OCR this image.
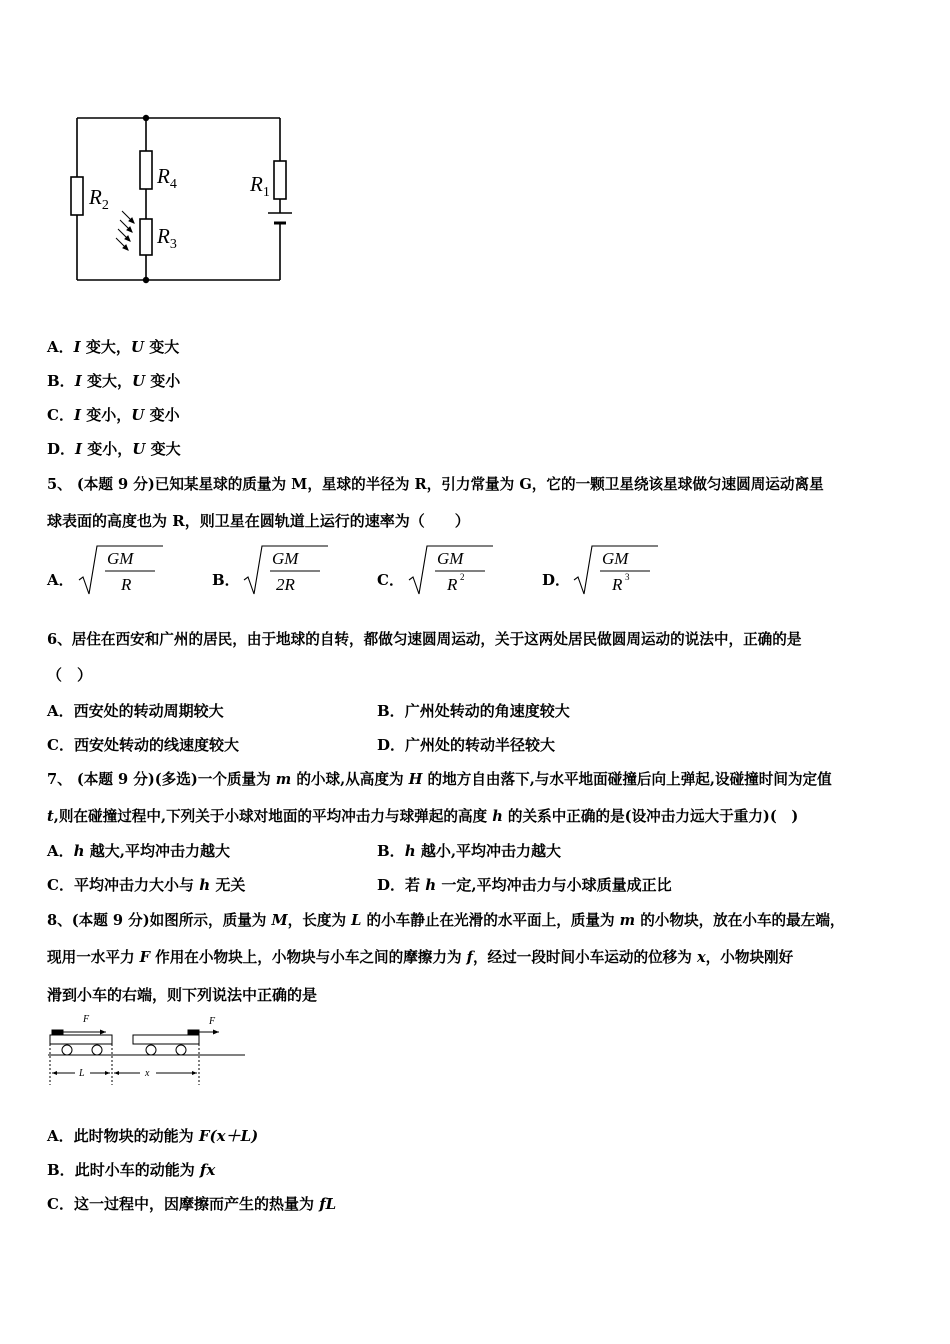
$R_2$
$R_4$
$R_3$
$R_1$
A．I 变大，U 变大
B．I 变大，U 变小
C．I 变小，U 变小
D．I 变小，U 变大
5、 (本题 9 分)已知某星球的质量为 M，星球的半径为 R，引力常量为 G，它的一颗卫星绕该星球做匀速圆周运动离星
球表面的高度也为 R，则卫星在圆轨道上运行的速率为（　　）
A．
GM
R	B．
GM
2R	C．
GM
R 2	D．
GM
R 3
6、居住在西安和广州的居民，由于地球的自转，都做匀速圆周运动，关于这两处居民做圆周运动的说法中，正确的是
（　）
A．西安处的转动周期较大	B．广州处转动的角速度较大
C．西安处转动的线速度较大	D．广州处的转动半径较大
7、 (本题 9 分)(多选)一个质量为 m 的小球,从高度为 H 的地方自由落下,与水平地面碰撞后向上弹起,设碰撞时间为定值
t,则在碰撞过程中,下列关于小球对地面的平均冲击力与球弹起的高度 h 的关系中正确的是(设冲击力远大于重力)(　)
A．h 越大,平均冲击力越大	B．h 越小,平均冲击力越大
C．平均冲击力大小与 h 无关	D．若 h 一定,平均冲击力与小球质量成正比
8、(本题 9 分)如图所示，质量为 M，长度为 L 的小车静止在光滑的水平面上，质量为 m 的小物块，放在小车的最左端，
现用一水平力 F 作用在小物块上，小物块与小车之间的摩擦力为 f，经过一段时间小车运动的位移为 x，小物块刚好
滑到小车的右端，则下列说法中正确的是
F	F
L	x
A．此时物块的动能为 F(x＋L)
B．此时小车的动能为 fx
C．这一过程中，因摩擦而产生的热量为 fL
